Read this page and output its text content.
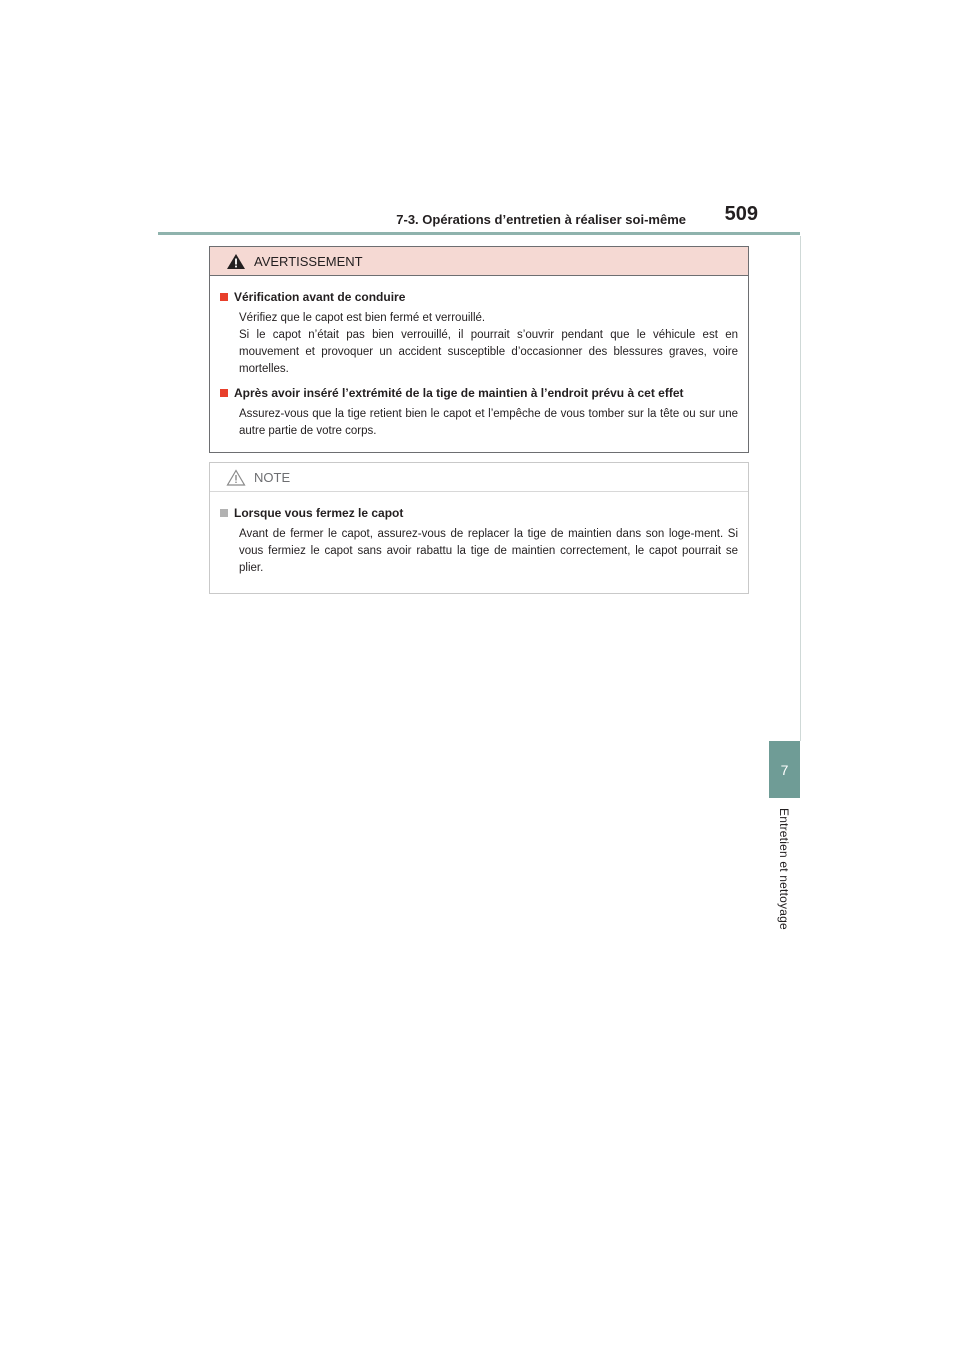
7-3. Opérations d’entretien à réaliser soi-même 509
7
Entretien et nettoyage
AVERTISSEMENT
Vérification avant de conduire
Vérifiez que le capot est bien fermé et verrouillé.
Si le capot n’était pas bien verrouillé, il pourrait s’ouvrir pendant que le véhicule est en mouvement et provoquer un accident susceptible d’occasionner des blessures graves, voire mortelles.
Après avoir inséré l’extrémité de la tige de maintien à l’endroit prévu à cet effet
Assurez-vous que la tige retient bien le capot et l’empêche de vous tomber sur la tête ou sur une autre partie de votre corps.
NOTE
Lorsque vous fermez le capot
Avant de fermer le capot, assurez-vous de replacer la tige de maintien dans son loge-ment. Si vous fermiez le capot sans avoir rabattu la tige de maintien correctement, le capot pourrait se plier.
